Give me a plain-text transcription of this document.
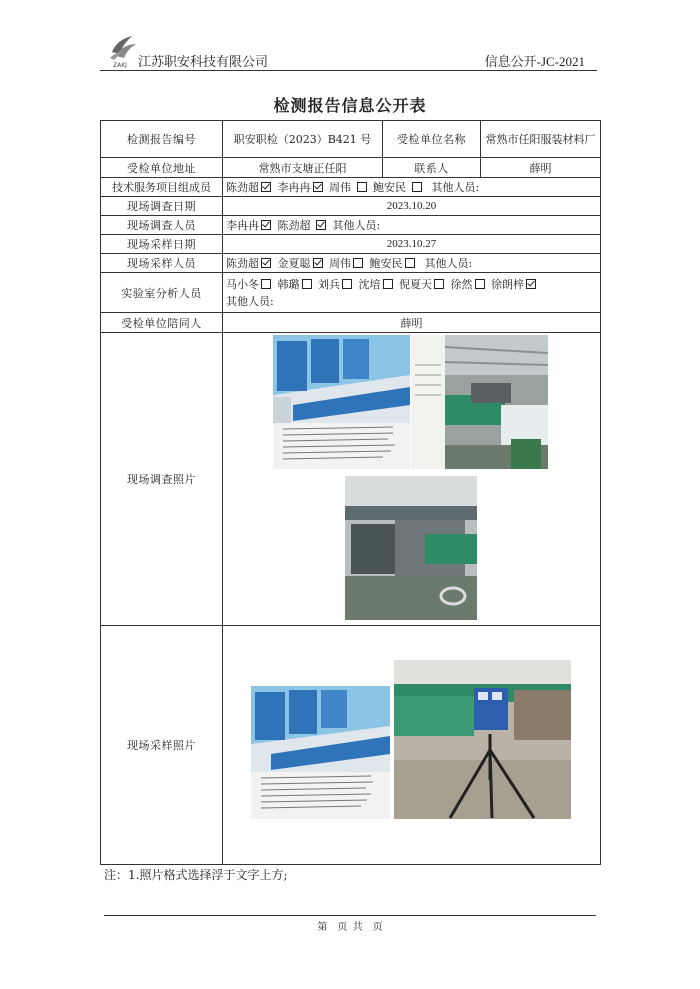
ZAKJ 江苏职安科技有限公司	信息公开-JC-2021
检测报告信息公开表
检测报告编号	职安职检（2023）B421 号	受检单位名称	常熟市任阳服装材料厂
受检单位地址	常熟市支塘正任阳	联系人	薛明
技术服务项目组成员	陈劲超 李冉冉 周伟 鲍安民 其他人员:		
现场调查日期	2023.10.20		
现场调查人员	李冉冉 陈劲超 其他人员:		
现场采样日期	2023.10.27		
现场采样人员	陈劲超 金夏聪 周伟 鲍安民 其他人员:		
实验室分析人员	马小冬 韩璐 刘兵 沈培 倪夏天 徐然 徐朗梓
其他人员:		
受检单位陪同人	薛明		
现场调查照片			
现场采样照片			
注：1.照片格式选择浮于文字上方;
第　页 共　页
